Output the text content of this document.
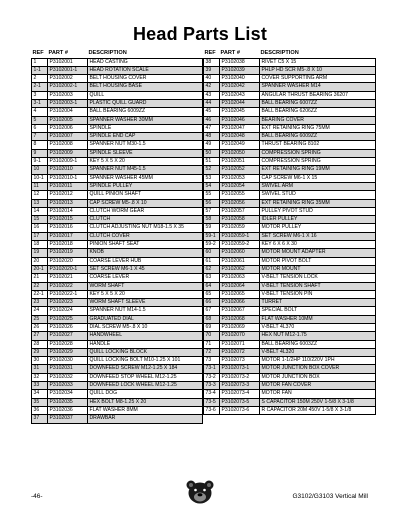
Head Parts List
REF	PART #	DESCRIPTION
1	P3102001	HEAD CASTING
1-1	P3102001-1	HEAD ROTATION SCALE
2	P3102002	BELT HOUSING COVER
2-1	P3102002-1	BELT HOUSING BASE
3	P3102003	QUILL
3-1	P3102003-1	PLASTIC QUILL GUARD
4	P3102004	BALL BEARING 6009ZZ
5	P3102005	SPANNER WASHER 30MM
6	P3102006	SPINDLE
7	P3102007	SPINDLE END CAP
8	P3102008	SPANNER NUT M30-1.5
9	P3102009	SPINDLE SLEEVE
9-1	P3102009-1	KEY 5 X 5 X 20
10	P3102010	SPANNER NUT M45-1.5
10-1	P3102010-1	SPANNER WASHER 45MM
11	P3102011	SPINDLE PULLEY
12	P3102012	QUILL PINION SHAFT
13	P3102013	CAP SCREW M5-.8 X 10
14	P3102014	CLUTCH WORM GEAR
15	P3102015	CLUTCH
16	P3102016	CLUTCH ADJUSTING NUT M18-1.5 X 35
17	P3102017	CLUTCH COVER
18	P3102018	PINION SHAFT SEAT
19	P3102019	KNOB
20	P3102020	COARSE LEVER HUB
20-1	P3102020-1	SET SCREW M6-1 X 45
21	P3102021	COARSE LEVER
22	P3102022	WORM SHAFT
22-1	P3102022-1	KEY 5 X 5 X 20
23	P3102023	WORM SHAFT SLEEVE
24	P3102024	SPANNER NUT M14-1.5
25	P3102025	GRADUATED DIAL
26	P3102026	DIAL SCREW M5-.8 X 10
27	P3102027	HANDWHEEL
28	P3102028	HANDLE
29	P3102029	QUILL LOCKING BLOCK
30	P3102030	QUILL LOCKING BOLT M10-1.25 X 101
31	P3102031	DOWNFEED SCREW M12-1.25 X 184
32	P3102032	DOWNFEED STOP WHEEL M12-1.25
33	P3102033	DOWNFEED LOCK WHEEL M12-1.25
34	P3102034	QUILL DOG
35	P3102035	HEX BOLT M8-1.25 X 20
36	P3102036	FLAT WASHER 8MM
37	P3102037	DRAWBAR
REF	PART #	DESCRIPTION
38	P3102038	RIVET C5 X 15
39	P3102039	PHLP HD SCR M5-.8 X 10
40	P3102040	COVER SUPPORTING ARM
42	P3102042	SPANNER WASHER M14
43	P3102043	ANGULAR THRUST BEARING 36207
44	P3102044	BALL BEARING 6007ZZ
45	P3102045	BALL BEARING 6206ZZ
46	P3102046	BEARING COVER
47	P3102047	EXT RETAINING RING 75MM
48	P3102048	BALL BEARING 6009ZZ
49	P3102049	THRUST BEARING 8102
50	P3102050	COMPRESSION SPRING
51	P3102051	COMPRESSION SPRING
52	P3102052	EXT RETAINING RING 19MM
53	P3102053	CAP SCREW M6-1 X 15
54	P3102054	SWIVEL ARM
55	P3102055	SWIVEL STUD
56	P3102056	EXT RETAINING RING 35MM
57	P3102057	PULLEY PIVOT STUD
58	P3102058	IDLER PULLEY
59	P3102059	MOTOR PULLEY
59-1	P3102059-1	SET SCREW M6-1 X 16
59-2	P3102059-2	KEY 6 X 6 X 30
60	P3102060	MOTOR MOUNT ADAPTER
61	P3102061	MOTOR PIVOT BOLT
62	P3102062	MOTOR MOUNT
63	P3102063	V-BELT TENSION LOCK
64	P3102064	V-BELT TENSION SHAFT
65	P3102065	V-BELT TENSION PIN
66	P3102066	TURRET
67	P3102067	SPECIAL BOLT
68	P3102068	FLAT WASHER 10MM
69	P3102069	V-BELT 4L370
70	P3102070	HEX NUT M12-1.75
71	P3102071	BALL BEARING 6003ZZ
72	P3102072	V-BELT 4L320
73	P3102073	MOTOR 1-1/2HP 110/220V 1PH
73-1	P3102073-1	MOTOR JUNCTION BOX COVER
73-2	P3102073-2	MOTOR JUNCTION BOX
73-3	P3102073-3	MOTOR FAN COVER
73-4	P3102073-4	MOTOR FAN
73-5	P3102073-5	S CAPACITOR 150M 250V 1-5/8 X 3-1/8
73-6	P3102073-6	R CAPACITOR 20M 450V 1-5/8 X 3-1/8
-46-	G3102/G3103 Vertical Mill
